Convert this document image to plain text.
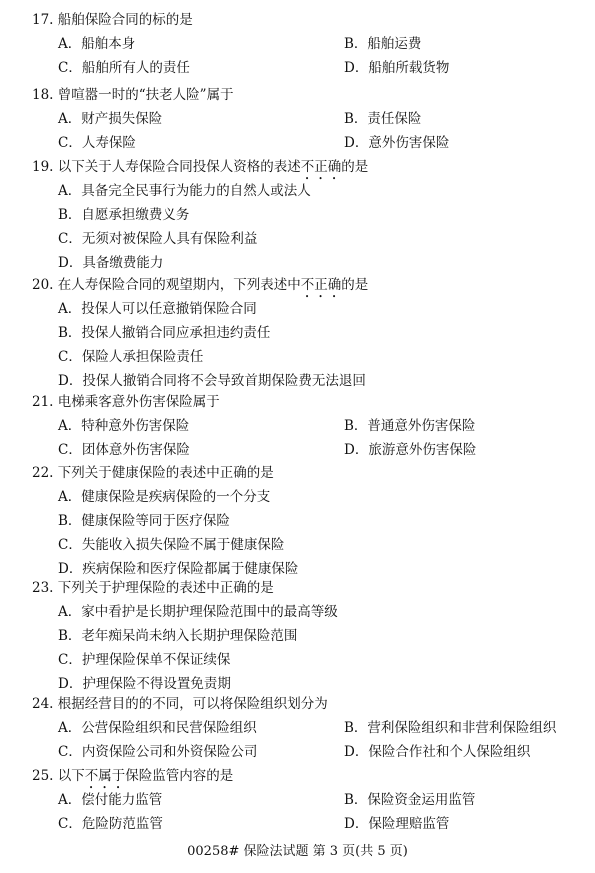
17. 船舶保险合同的标的是
A．船舶本身	B．船舶运费
C．船舶所有人的责任	D．船舶所载货物
18. 曾喧嚣一时的“扶老人险”属于
A．财产损失保险	B．责任保险
C．人寿保险	D．意外伤害保险
19. 以下关于人寿保险合同投保人资格的表述不正确的是
A．具备完全民事行为能力的自然人或法人
B．自愿承担缴费义务
C．无须对被保险人具有保险利益
D．具备缴费能力
20. 在人寿保险合同的观望期内，下列表述中不正确的是
A．投保人可以任意撤销保险合同
B．投保人撤销合同应承担违约责任
C．保险人承担保险责任
D．投保人撤销合同将不会导致首期保险费无法退回
21. 电梯乘客意外伤害保险属于
A．特种意外伤害保险	B．普通意外伤害保险
C．团体意外伤害保险	D．旅游意外伤害保险
22. 下列关于健康保险的表述中正确的是
A．健康保险是疾病保险的一个分支
B．健康保险等同于医疗保险
C．失能收入损失保险不属于健康保险
D．疾病保险和医疗保险都属于健康保险
23. 下列关于护理保险的表述中正确的是
A．家中看护是长期护理保险范围中的最高等级
B．老年痴呆尚未纳入长期护理保险范围
C．护理保险保单不保证续保
D．护理保险不得设置免责期
24. 根据经营目的的不同，可以将保险组织划分为
A．公营保险组织和民营保险组织	B．营利保险组织和非营利保险组织
C．内资保险公司和外资保险公司	D．保险合作社和个人保险组织
25. 以下不属于保险监管内容的是
A．偿付能力监管	B．保险资金运用监管
C．危险防范监管	D．保险理赔监管
00258# 保险法试题 第 3 页(共 5 页)
